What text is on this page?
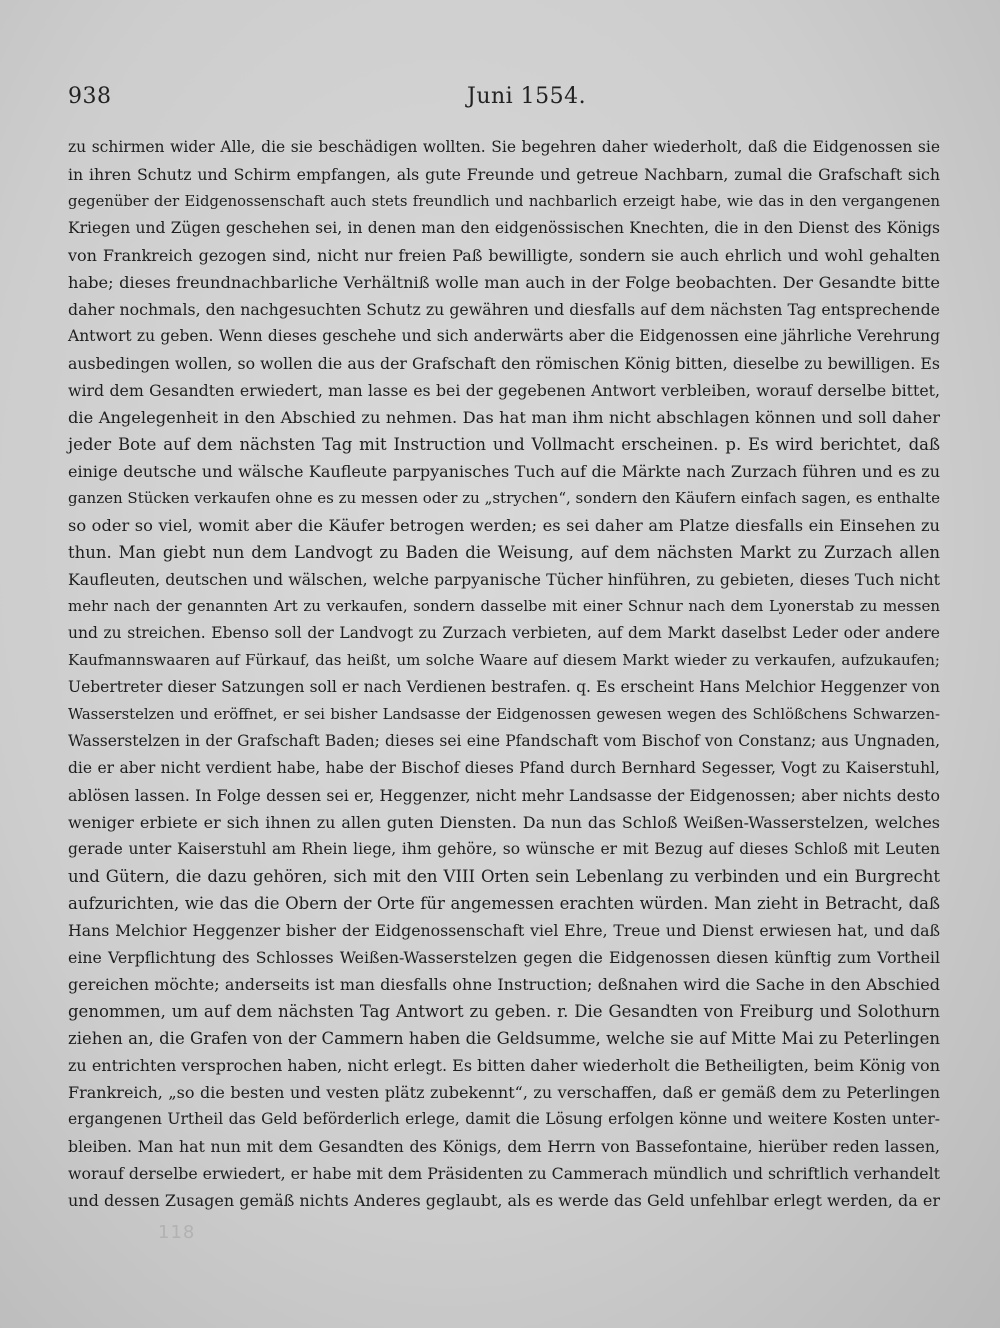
938	Juni 1554.
zu schirmen wider Alle, die sie beschädigen wollten. Sie begehren daher wiederholt, daß die Eidgenossen sie
in ihren Schutz und Schirm empfangen, als gute Freunde und getreue Nachbarn, zumal die Grafschaft sich
gegenüber der Eidgenossenschaft auch stets freundlich und nachbarlich erzeigt habe, wie das in den vergangenen
Kriegen und Zügen geschehen sei, in denen man den eidgenössischen Knechten, die in den Dienst des Königs
von Frankreich gezogen sind, nicht nur freien Paß bewilligte, sondern sie auch ehrlich und wohl gehalten
habe; dieses freundnachbarliche Verhältniß wolle man auch in der Folge beobachten. Der Gesandte bitte
daher nochmals, den nachgesuchten Schutz zu gewähren und diesfalls auf dem nächsten Tag entsprechende
Antwort zu geben. Wenn dieses geschehe und sich anderwärts aber die Eidgenossen eine jährliche Verehrung
ausbedingen wollen, so wollen die aus der Grafschaft den römischen König bitten, dieselbe zu bewilligen. Es
wird dem Gesandten erwiedert, man lasse es bei der gegebenen Antwort verbleiben, worauf derselbe bittet,
die Angelegenheit in den Abschied zu nehmen. Das hat man ihm nicht abschlagen können und soll daher
jeder Bote auf dem nächsten Tag mit Instruction und Vollmacht erscheinen. p. Es wird berichtet, daß
einige deutsche und wälsche Kaufleute parpyanisches Tuch auf die Märkte nach Zurzach führen und es zu
ganzen Stücken verkaufen ohne es zu messen oder zu „strychen“, sondern den Käufern einfach sagen, es enthalte
so oder so viel, womit aber die Käufer betrogen werden; es sei daher am Platze diesfalls ein Einsehen zu
thun. Man giebt nun dem Landvogt zu Baden die Weisung, auf dem nächsten Markt zu Zurzach allen
Kaufleuten, deutschen und wälschen, welche parpyanische Tücher hinführen, zu gebieten, dieses Tuch nicht
mehr nach der genannten Art zu verkaufen, sondern dasselbe mit einer Schnur nach dem Lyonerstab zu messen
und zu streichen. Ebenso soll der Landvogt zu Zurzach verbieten, auf dem Markt daselbst Leder oder andere
Kaufmannswaaren auf Fürkauf, das heißt, um solche Waare auf diesem Markt wieder zu verkaufen, aufzukaufen;
Uebertreter dieser Satzungen soll er nach Verdienen bestrafen. q. Es erscheint Hans Melchior Heggenzer von
Wasserstelzen und eröffnet, er sei bisher Landsasse der Eidgenossen gewesen wegen des Schlößchens Schwarzen-
Wasserstelzen in der Grafschaft Baden; dieses sei eine Pfandschaft vom Bischof von Constanz; aus Ungnaden,
die er aber nicht verdient habe, habe der Bischof dieses Pfand durch Bernhard Segesser, Vogt zu Kaiserstuhl,
ablösen lassen. In Folge dessen sei er, Heggenzer, nicht mehr Landsasse der Eidgenossen; aber nichts desto
weniger erbiete er sich ihnen zu allen guten Diensten. Da nun das Schloß Weißen-Wasserstelzen, welches
gerade unter Kaiserstuhl am Rhein liege, ihm gehöre, so wünsche er mit Bezug auf dieses Schloß mit Leuten
und Gütern, die dazu gehören, sich mit den VIII Orten sein Lebenlang zu verbinden und ein Burgrecht
aufzurichten, wie das die Obern der Orte für angemessen erachten würden. Man zieht in Betracht, daß
Hans Melchior Heggenzer bisher der Eidgenossenschaft viel Ehre, Treue und Dienst erwiesen hat, und daß
eine Verpflichtung des Schlosses Weißen-Wasserstelzen gegen die Eidgenossen diesen künftig zum Vortheil
gereichen möchte; anderseits ist man diesfalls ohne Instruction; deßnahen wird die Sache in den Abschied
genommen, um auf dem nächsten Tag Antwort zu geben. r. Die Gesandten von Freiburg und Solothurn
ziehen an, die Grafen von der Cammern haben die Geldsumme, welche sie auf Mitte Mai zu Peterlingen
zu entrichten versprochen haben, nicht erlegt. Es bitten daher wiederholt die Betheiligten, beim König von
Frankreich, „so die besten und vesten plätz zubekennt“, zu verschaffen, daß er gemäß dem zu Peterlingen
ergangenen Urtheil das Geld beförderlich erlege, damit die Lösung erfolgen könne und weitere Kosten unter-
bleiben. Man hat nun mit dem Gesandten des Königs, dem Herrn von Bassefontaine, hierüber reden lassen,
worauf derselbe erwiedert, er habe mit dem Präsidenten zu Cammerach mündlich und schriftlich verhandelt
und dessen Zusagen gemäß nichts Anderes geglaubt, als es werde das Geld unfehlbar erlegt werden, da er
118
